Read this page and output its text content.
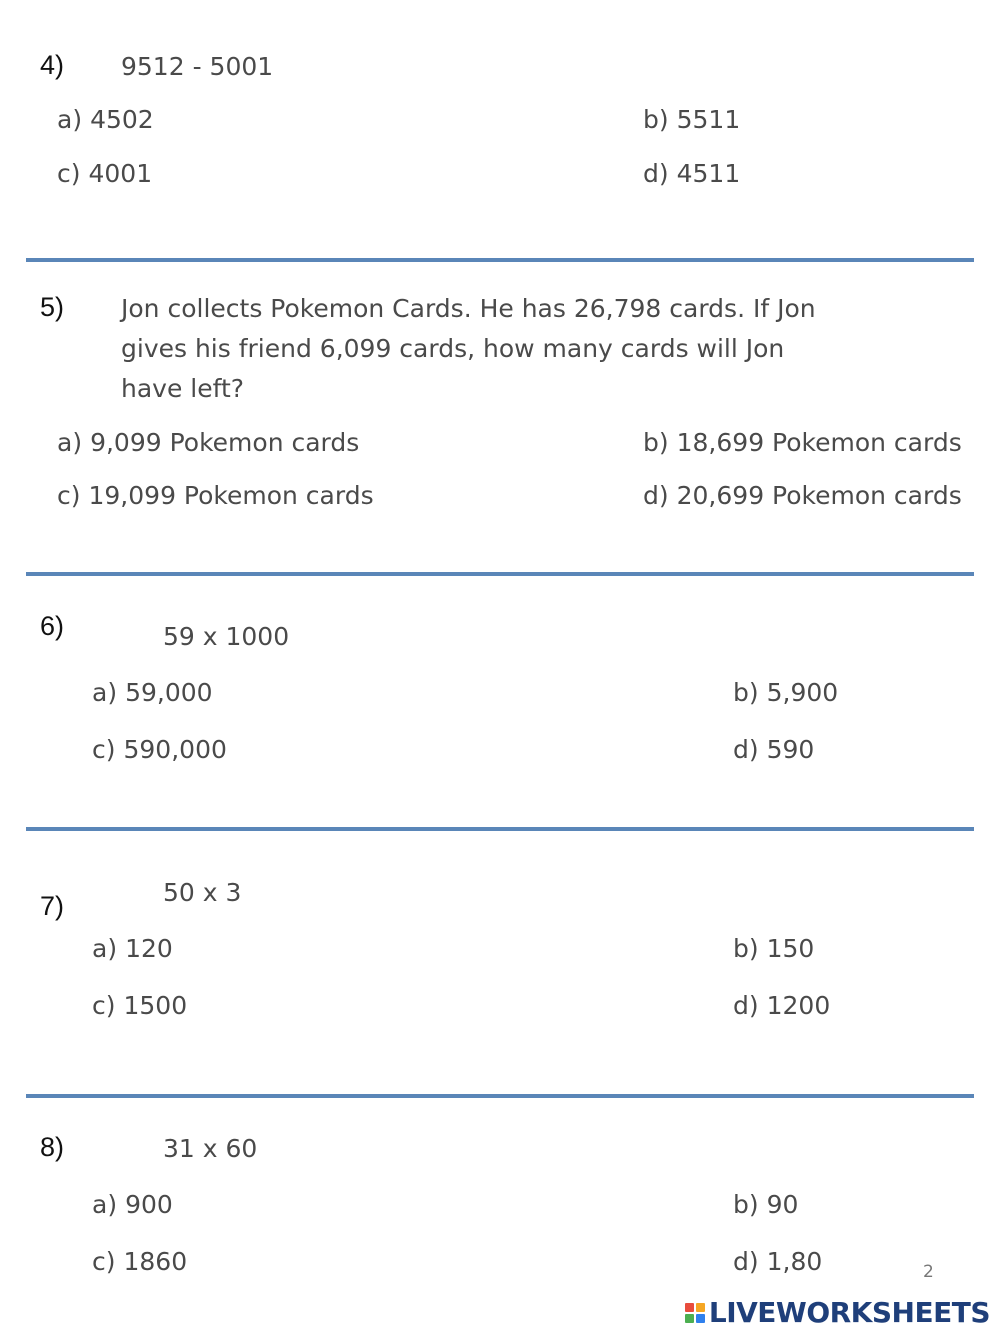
4) 9512 - 5001
a) 4502	b) 5511
c) 4001	d) 4511
5) Jon collects Pokemon Cards. He has 26,798 cards. If Jon
gives his friend 6,099 cards, how many cards will Jon
have left?
a) 9,099 Pokemon cards	b) 18,699 Pokemon cards
c) 19,099 Pokemon cards	d) 20,699 Pokemon cards
6)	59 x 1000
a) 59,000	b) 5,900
c) 590,000	d) 590
7)	50 x 3
a) 120	b) 150
c) 1500	d) 1200
8)	31 x 60
a) 900	b) 90
c) 1860	d) 1,80	2
LIVEWORKSHEETS
